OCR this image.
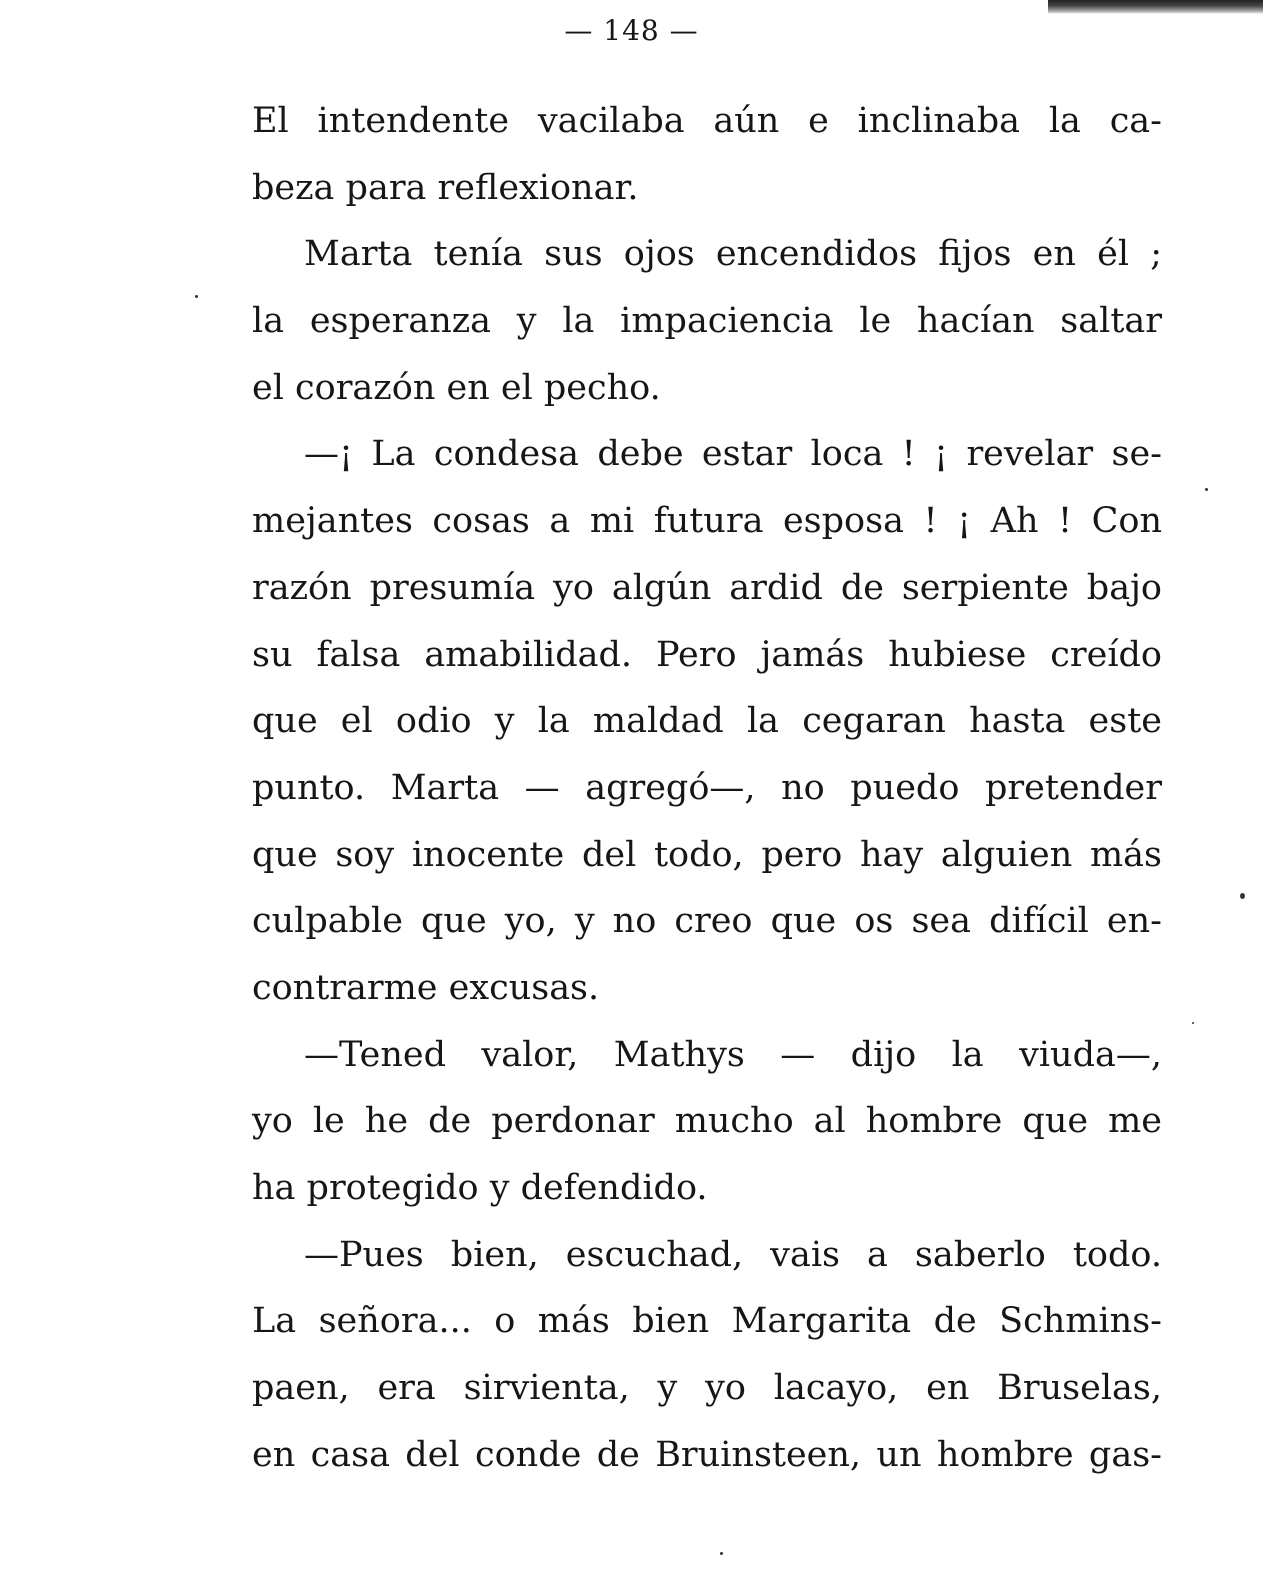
— 148 —
El intendente vacilaba aún e inclinaba la ca-
beza para reflexionar.
Marta tenía sus ojos encendidos fijos en él ;
la esperanza y la impaciencia le hacían saltar
el corazón en el pecho.
—¡ La condesa debe estar loca ! ¡ revelar se-
mejantes cosas a mi futura esposa ! ¡ Ah ! Con
razón presumía yo algún ardid de serpiente bajo
su falsa amabilidad. Pero jamás hubiese creído
que el odio y la maldad la cegaran hasta este
punto. Marta — agregó—, no puedo pretender
que soy inocente del todo, pero hay alguien más
culpable que yo, y no creo que os sea difícil en-
contrarme excusas.
—Tened valor, Mathys — dijo la viuda—,
yo le he de perdonar mucho al hombre que me
ha protegido y defendido.
—Pues bien, escuchad, vais a saberlo todo.
La señora... o más bien Margarita de Schmins-
paen, era sirvienta, y yo lacayo, en Bruselas,
en casa del conde de Bruinsteen, un hombre gas-
